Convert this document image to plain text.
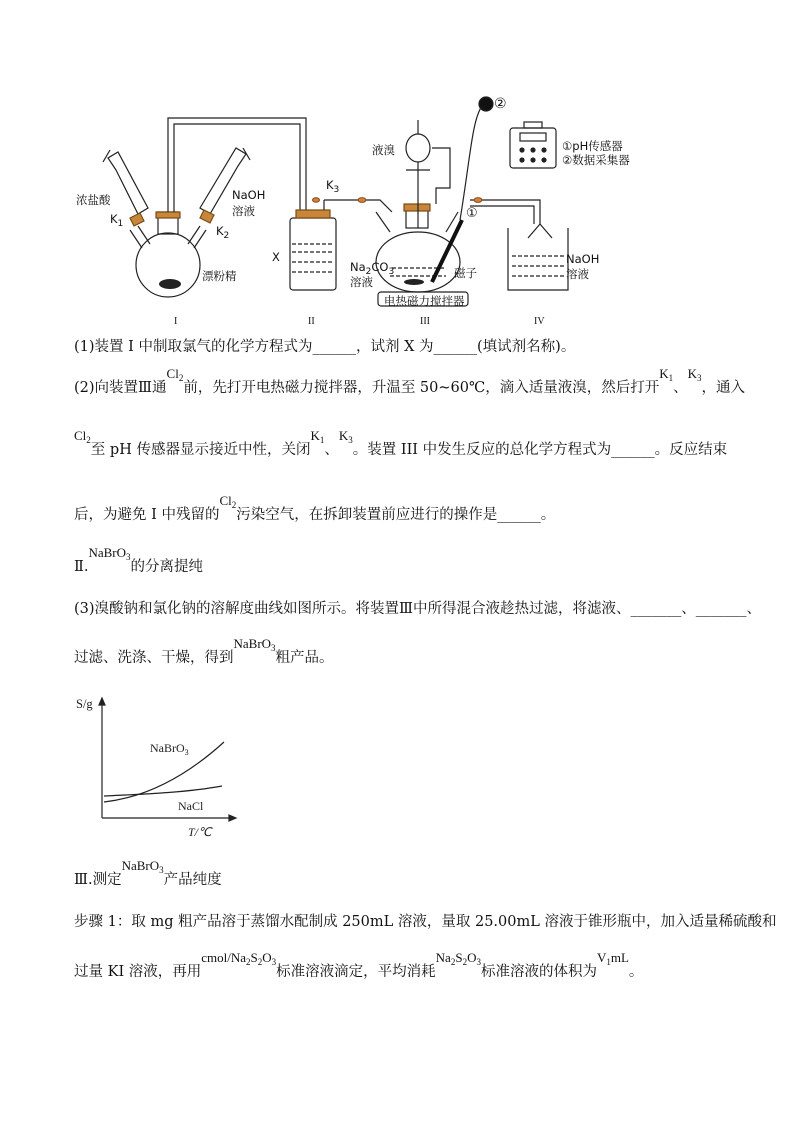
浓盐酸
$K_1$
NaOH
溶液
$K_2$
漂粉精
$K_3$
X
液溴
$Na_2CO_3$
溶液
磁子
电热磁力搅拌器
①
②
①pH传感器
②数据采集器
NaOH
溶液
I	II	III	IV
(1)装置 I 中制取氯气的化学方程式为______，试剂 X 为______(填试剂名称)。
(2)向装置Ⅲ通$Cl_2$前，先打开电热磁力搅拌器，升温至 50~60℃，滴入适量液溴，然后打开$K_1$、$K_3$，通入
$Cl_2$至 pH 传感器显示接近中性，关闭$K_1$、$K_3$。装置 III 中发生反应的总化学方程式为______。反应结束
后，为避免 I 中残留的$Cl_2$污染空气，在拆卸装置前应进行的操作是______。
Ⅱ.NaBrO$_3$的分离提纯
(3)溴酸钠和氯化钠的溶解度曲线如图所示。将装置Ⅲ中所得混合液趁热过滤，将滤液、_______、_______、
过滤、洗涤、干燥，得到NaBrO$_3$粗产品。
S/g
T/℃
NaBrO$_3$
NaCl
Ⅲ.测定NaBrO$_3$产品纯度
步骤 1：取 mg 粗产品溶于蒸馏水配制成 250mL 溶液，量取 25.00mL 溶液于锥形瓶中，加入适量稀硫酸和
过量 KI 溶液，再用cmol/$Na_2S_2O_3$标准溶液滴定，平均消耗$Na_2S_2O_3$标准溶液的体积为$V_1mL$。
